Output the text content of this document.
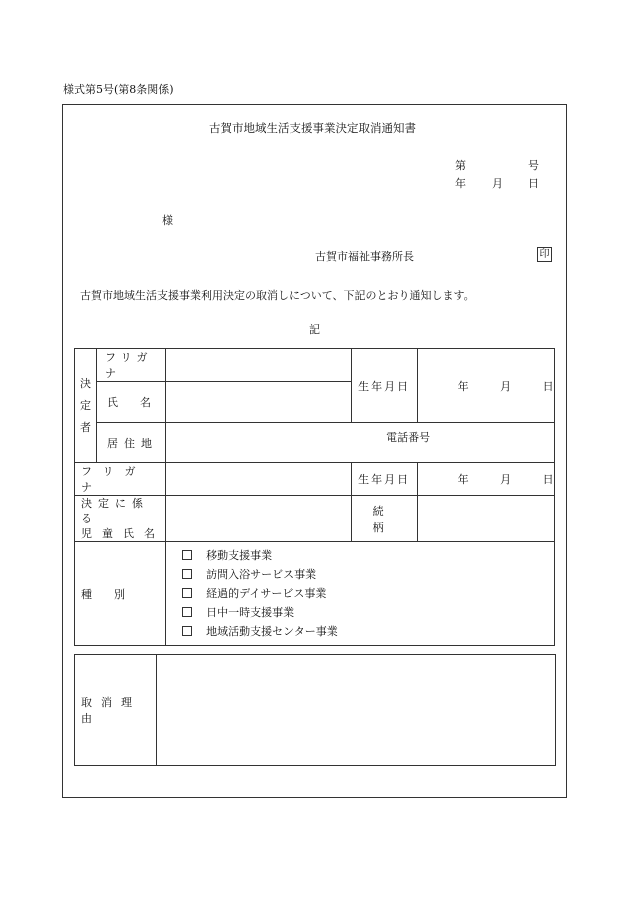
様式第5号(第8条関係)
古賀市地域生活支援事業決定取消通知書
第	号
年 月 日
様
古賀市福祉事務所長	印
古賀市地域生活支援事業利用決定の取消しについて、下記のとおり通知します。
記
決
定
者	フリガナ		生年月日	年 月 日
	氏　　名			
	居住地	電話番号		
フリガナ			生年月日	年 月 日

決定に係る
児童氏名			続　柄	
種　　別		移動支援事業
訪問入浴サービス事業
経過的デイサービス事業
日中一時支援事業
地域活動支援センター事業		
取消理由	
